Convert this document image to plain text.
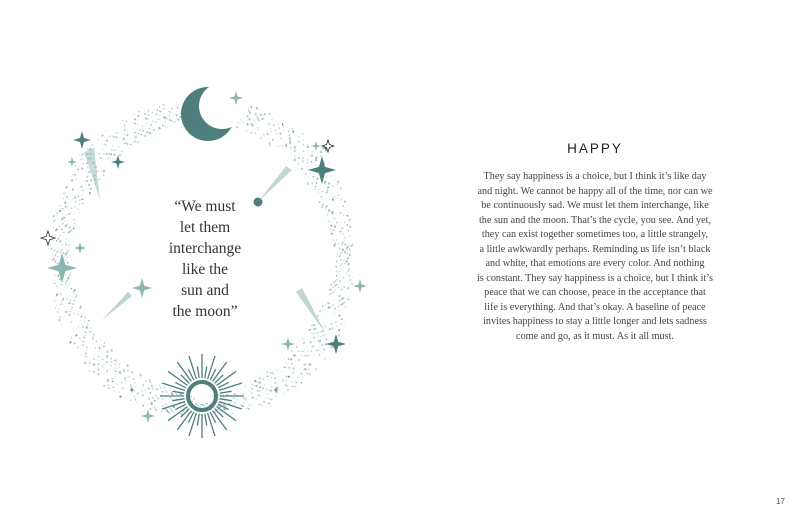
“We must
let them
interchange
like the
sun and
the moon”
HAPPY
They say happiness is a choice, but I think it’s like day
and night. We cannot be happy all of the time, nor can we
be continuously sad. We must let them interchange, like
the sun and the moon. That’s the cycle, you see. And yet,
they can exist together sometimes too, a little strangely,
a little awkwardly perhaps. Reminding us life isn’t black
and white, that emotions are every color. And nothing
is constant. They say happiness is a choice, but I think it’s
peace that we can choose, peace in the acceptance that
life is everything. And that’s okay. A baseline of peace
invites happiness to stay a little longer and lets sadness
come and go, as it must. As it all must.
17
